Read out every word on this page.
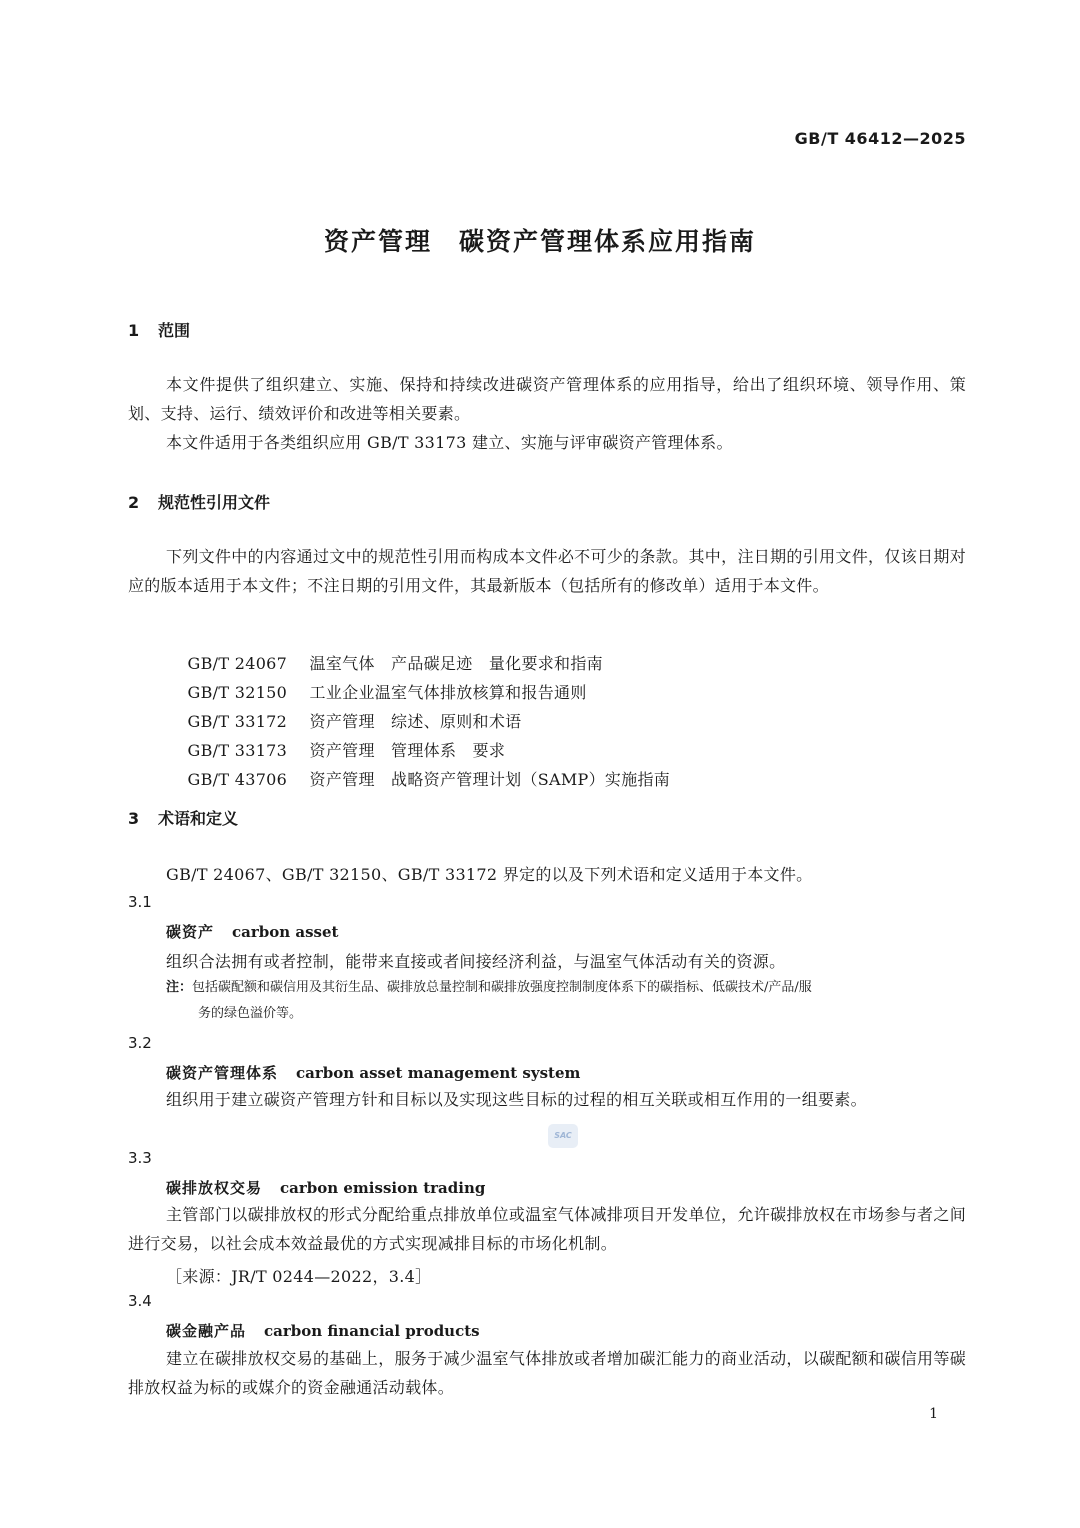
GB/T 46412—2025
资产管理　碳资产管理体系应用指南
1 范围
本文件提供了组织建立、实施、保持和持续改进碳资产管理体系的应用指导，给出了组织环境、领导作用、策划、支持、运行、绩效评价和改进等相关要素。
本文件适用于各类组织应用 GB/T 33173 建立、实施与评审碳资产管理体系。
2 规范性引用文件
下列文件中的内容通过文中的规范性引用而构成本文件必不可少的条款。其中，注日期的引用文件，仅该日期对应的版本适用于本文件；不注日期的引用文件，其最新版本（包括所有的修改单）适用于本文件。

GB/T 24067 温室气体　产品碳足迹　量化要求和指南

GB/T 32150 工业企业温室气体排放核算和报告通则

GB/T 33172 资产管理　综述、原则和术语

GB/T 33173 资产管理　管理体系　要求

GB/T 43706 资产管理　战略资产管理计划（SAMP）实施指南

3 术语和定义
GB/T 24067、GB/T 32150、GB/T 33172 界定的以及下列术语和定义适用于本文件。
3.1
碳资产 carbon asset
组织合法拥有或者控制，能带来直接或者间接经济利益，与温室气体活动有关的资源。
注：包括碳配额和碳信用及其衍生品、碳排放总量控制和碳排放强度控制制度体系下的碳指标、低碳技术/产品/服
务的绿色溢价等。
3.2
碳资产管理体系 carbon asset management system
组织用于建立碳资产管理方针和目标以及实现这些目标的过程的相互关联或相互作用的一组要素。
SAC
3.3
碳排放权交易 carbon emission trading
主管部门以碳排放权的形式分配给重点排放单位或温室气体减排项目开发单位，允许碳排放权在市场参与者之间进行交易，以社会成本效益最优的方式实现减排目标的市场化机制。
［来源：JR/T 0244—2022，3.4］
3.4
碳金融产品 carbon financial products
建立在碳排放权交易的基础上，服务于减少温室气体排放或者增加碳汇能力的商业活动，以碳配额和碳信用等碳排放权益为标的或媒介的资金融通活动载体。
1
